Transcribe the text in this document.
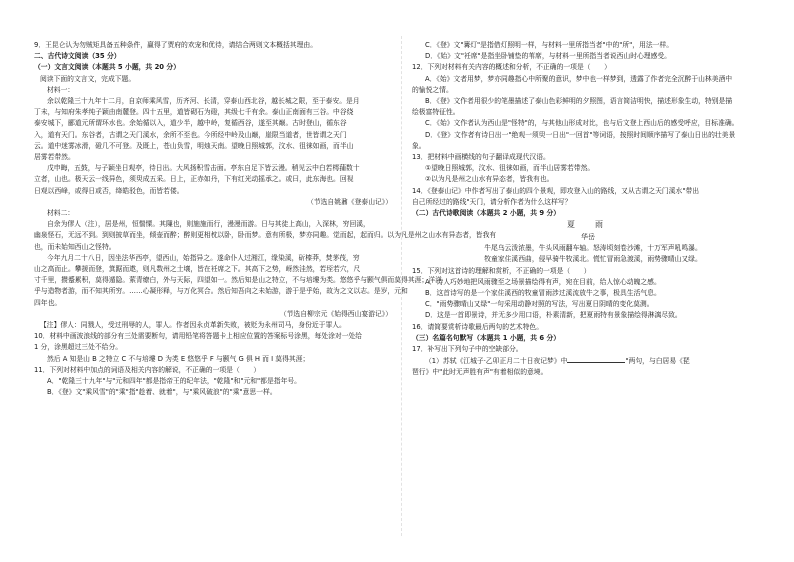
9．王昆仑认为勿贼矩具备五种条件，赢得了贾府的欢宠和优待，请结合两则文本概括其理由。
二、古代诗文阅读（35 分）
（一）文言文阅读（本题共 5 小题，共 20 分）
阅读下面的文言文，完成下题。
材料一：
余以乾隆三十九年十二月，自京师乘风雪，历齐河、长清，穿泰山西北谷，越长城之限，至于泰安。是月
丁未，与知府朱孝纯子颖由南麓登。四十五里，道皆砌石为磴，其级七千有余。泰山正南面有三谷。中谷绕
泰安城下，郦道元所谓环水也。余始循以入，道少半，越中岭，复循西谷，遂至其巅。古时登山，循东谷
入，道有天门。东谷者，古谓之天门溪水，余所不至也。今所经中岭及山巅，崖限当道者，世皆谓之天门
云。道中迷雾冰滑，磴几不可登。及既上，苍山负雪，明烛天南。望晚日照城郭，汶水、徂徕如画，而半山
居雾若带然。
戊申晦，五鼓，与子颖坐日观亭，待日出。大风扬积雪击面。亭东自足下皆云漫。稍见云中白若樗蒱数十
立者，山也。极天云一线异色，须臾成五采。日上，正赤如丹，下有红光动摇承之。或曰，此东海也。回视
日观以西峰，或得日或否，绛皓驳色，而皆若偻。
（节选自姚鼐《登泰山记》）
材料二：
自余为僇人（注），居是州，恒惴慄。其隟也，则施施而行，漫漫而游。日与其徒上高山，入深林，穷回溪，
幽泉怪石，无远不到。到则披草而坐，倾壶而醉；醉则更相枕以卧，卧而梦。意有所极，梦亦同趣。觉而起，起而归。以为凡是州之山水有异态者，皆我有
也，而未始知西山之怪特。
今年九月二十八日，因坐法华西亭，望西山，始指异之。遂命仆人过湘江，缘染溪，斫榛莽，焚茅茷，穷
山之高而止。攀援而登，箕踞而遨，则凡数州之土壤，皆在衽席之下。其高下之势，岈然洼然，若垤若穴，尺
寸千里，攒蹙累积，莫得遁隐。萦青缭白，外与天际，四望如一。然后知是山之特立，不与培塿为类。悠悠乎与颢气俱而莫得其涯；洋洋
乎与造物者游，而不知其所穷。……心凝形释，与万化冥合。然后知吾向之未始游，游于是乎始，故为之文以志。是岁，元和
四年也。
（节选自柳宗元《始得西山宴游记》）
【注】僇人：同戮人，受过刑辱的人，罪人。作者因永贞革新失败，被贬为永州司马，身份近于罪人。
10．材料中画波浪线的部分有三处需要断句，请用铅笔将答题卡上相应位置的答案标号涂黑，每处涂对一处给
1 分，涂黑超过三处不给分。
然后 A 知是山 B 之特立 C 不与培塿 D 为类 E 悠悠乎 F 与颢气 G 俱 H 而 I 莫得其涯；
11．下列对材料中加点的词语及相关内容的解说，不正确的一项是（　　）
A．"乾隆三十九年"与"元和四年"都是指帝王的纪年法，"乾隆"和"元和"都是指年号。
B．《登》文"乘风雪"的"乘"指"趁着、就着"，与"乘风破浪"的"乘"意思一样。
C．《登》文"篝灯"是指借灯照明一样，与材料一里所指当者"中的"所"，用法一样。
D．《始》文"衽席"是指坐卧铺垫的苇席，与材料一里所指当者说西山时心理感受。
12．下列对材料有关内容的概述和分析，不正确的一项是（　　）
A．《始》文者用梦，梦亦同趣指心中所聚的意识，梦中也一样梦到，透露了作者完全沉醉于山林美酒中
的愉悦之情。
B．《登》文作者用很少的笔墨描述了泰山色彩鲜明的夕照图，语言简洁明快，描述形象生动，特别是描
绘极富特征性。
C．《始》文作者认为西山是"怪特"的，与其他山形成对比，也与后文登上西山后的感受呼应，目标准确。
D．《登》文作者有诗日出一"绝观一须臾一日出"一回首"等词语，按照时间顺序描写了泰山日出的壮美景
象。
13．把材料中画横线的句子翻译成现代汉语。
①望晚日照城郭，汶水、徂徕如画，而半山居雾若带然。
②以为凡是州之山水有异态者，皆我有也。
14．《登泰山记》中作者写出了泰山的四个景观，即攻登入山的路线，又从古谓之天门溪水"带出
自己所经过的路线"天门，请分析作者为什么这样写？
（二）古代诗歌阅读（本题共 2 小题，共 9 分）
夏　雨
华岳
牛尾乌云泼浓墨，牛头风雨翻车轴。怒涛顷刻卷沙滩，十万军声吼鸣瀑。
牧童家住溪西曲，侵早骑牛牧溪北。慌忙冒雨急渡溪，雨势骤晴山又绿。
15．下列对这首诗的理解和赏析，不正确的一项是（　　）
A．诗人巧妙地把风雨骤至之场景描绘得有声，宛在目前，给人惊心动魄之感。
B．这首诗写的是一个家住溪西的牧童冒雨涉过溪流放牛之事，极具生活气息。
C．"雨势骤晴山又绿"一句采用动静对照的写法，写出夏日阴晴的变化莫测。
D．这是一首即景诗，并无多少用口语，朴素清新，把夏雨特有景象描绘得淋漓尽致。
16．请简要赏析诗歌最后两句的艺术特色。
（三）名篇名句默写（本题共 1 小题，共 6 分）
17．补写出下列句子中的空缺部分。
（1）苏轼《江城子·乙卯正月二十日夜记梦》中	"两句，与白居易《琵
琶行》中"此时无声胜有声"有着相似的意境。
